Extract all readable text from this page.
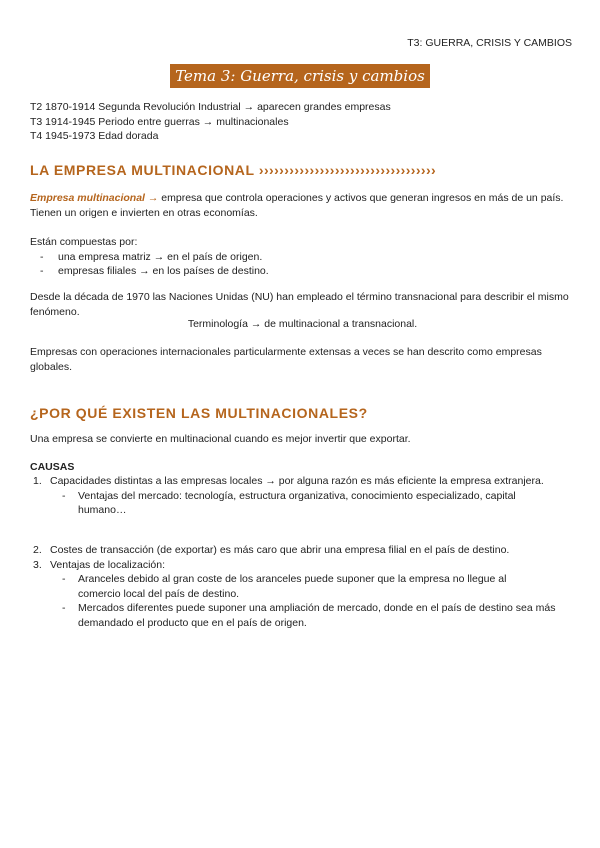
T3: GUERRA, CRISIS Y CAMBIOS
Tema 3: Guerra, crisis y cambios
T2 1870-1914 Segunda Revolución Industrial → aparecen grandes empresas
T3 1914-1945 Periodo entre guerras → multinacionales
T4 1945-1973 Edad dorada
LA EMPRESA MULTINACIONAL ›››››››››››››››››››››››››››››››››››
Empresa multinacional → empresa que controla operaciones y activos que generan ingresos en más de un país. Tienen un origen e invierten en otras economías.
Están compuestas por:
- una empresa matriz → en el país de origen.
- empresas filiales → en los países de destino.
Desde la década de 1970 las Naciones Unidas (NU) han empleado el término transnacional para describir el mismo fenómeno.
Terminología → de multinacional a transnacional.
Empresas con operaciones internacionales particularmente extensas a veces se han descrito como empresas globales.
¿POR QUÉ EXISTEN LAS MULTINACIONALES?
Una empresa se convierte en multinacional cuando es mejor invertir que exportar.
CAUSAS
1. Capacidades distintas a las empresas locales → por alguna razón es más eficiente la empresa extranjera.
- Ventajas del mercado: tecnología, estructura organizativa, conocimiento especializado, capital humano…
2. Costes de transacción (de exportar) es más caro que abrir una empresa filial en el país de destino.
3. Ventajas de localización:
- Aranceles debido al gran coste de los aranceles puede suponer que la empresa no llegue al comercio local del país de destino.
- Mercados diferentes puede suponer una ampliación de mercado, donde en el país de destino sea más demandado el producto que en el país de origen.
